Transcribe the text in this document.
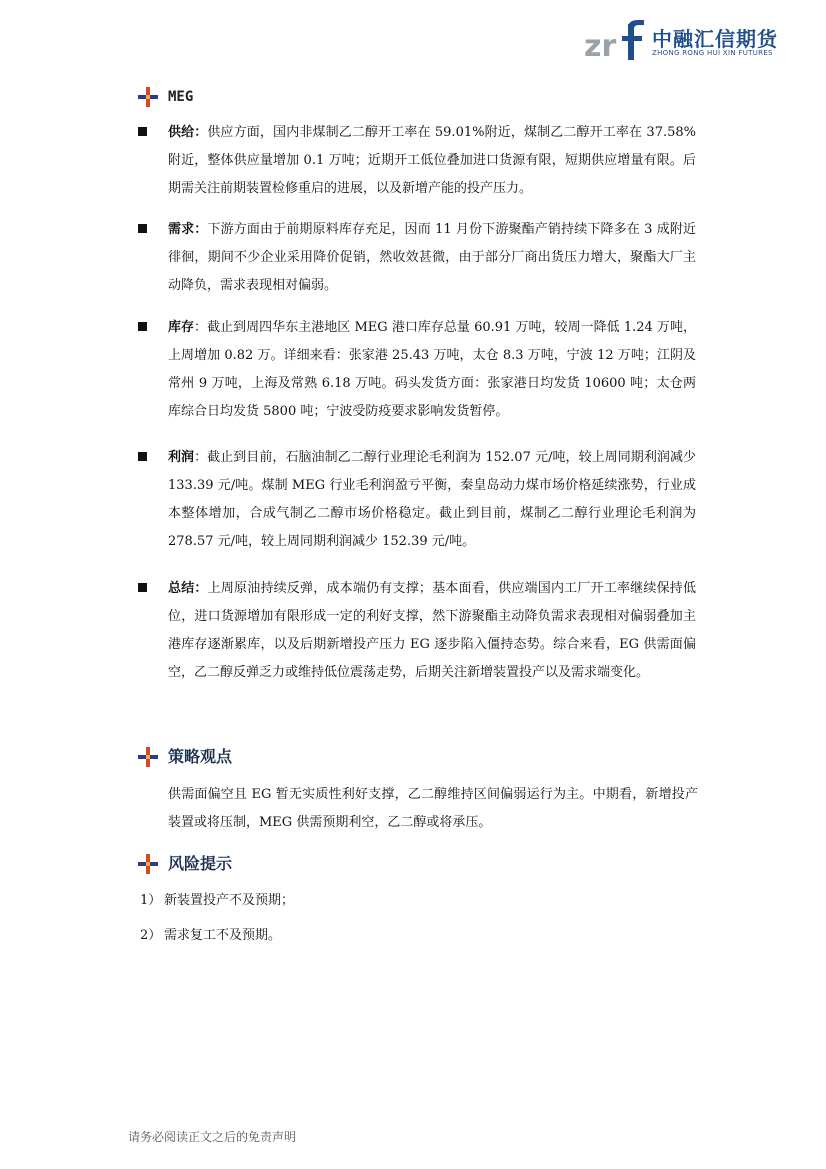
zr 中融汇信期货
ZHONG RONG HUI XIN FUTURES
MEG
供给：供应方面，国内非煤制乙二醇开工率在 59.01%附近，煤制乙二醇开工率在 37.58%附近，整体供应量增加 0.1 万吨；近期开工低位叠加进口货源有限，短期供应增量有限。后期需关注前期装置检修重启的进展，以及新增产能的投产压力。
需求：下游方面由于前期原料库存充足，因而 11 月份下游聚酯产销持续下降多在 3 成附近徘徊，期间不少企业采用降价促销，然收效甚微，由于部分厂商出货压力增大，聚酯大厂主动降负，需求表现相对偏弱。
库存：截止到周四华东主港地区 MEG 港口库存总量 60.91 万吨，较周一降低 1.24 万吨，上周增加 0.82 万。详细来看：张家港 25.43 万吨，太仓 8.3 万吨，宁波 12 万吨；江阴及常州 9 万吨，上海及常熟 6.18 万吨。码头发货方面：张家港日均发货 10600 吨；太仓两库综合日均发货 5800 吨；宁波受防疫要求影响发货暂停。
利润：截止到目前，石脑油制乙二醇行业理论毛利润为 152.07 元/吨，较上周同期利润减少 133.39 元/吨。煤制 MEG 行业毛利润盈亏平衡，秦皇岛动力煤市场价格延续涨势，行业成本整体增加，合成气制乙二醇市场价格稳定。截止到目前，煤制乙二醇行业理论毛利润为 278.57 元/吨，较上周同期利润减少 152.39 元/吨。
总结：上周原油持续反弹，成本端仍有支撑；基本面看，供应端国内工厂开工率继续保持低位，进口货源增加有限形成一定的利好支撑，然下游聚酯主动降负需求表现相对偏弱叠加主港库存逐渐累库，以及后期新增投产压力 EG 逐步陷入僵持态势。综合来看，EG 供需面偏空，乙二醇反弹乏力或维持低位震荡走势，后期关注新增装置投产以及需求端变化。
策略观点
供需面偏空且 EG 暂无实质性利好支撑，乙二醇维持区间偏弱运行为主。中期看，新增投产装置或将压制，MEG 供需预期利空，乙二醇或将承压。
风险提示
1） 新装置投产不及预期；
2） 需求复工不及预期。
请务必阅读正文之后的免责声明
